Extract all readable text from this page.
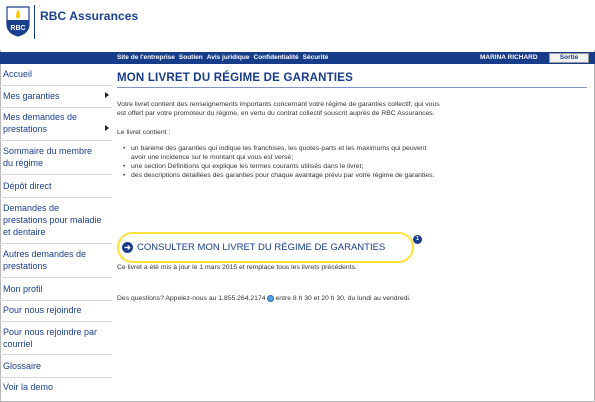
RBC
RBC Assurances
Site de l'entreprise Soutien Avis juridique Confidentialité Sécurité	MARINA RICHARD	Sortie
Accueil
Mes garanties
Mes demandes de prestations
Sommaire du membre du régime
Dépôt direct
Demandes de prestations pour maladie et dentaire
Autres demandes de prestations
Mon profil
Pour nous rejoindre
Pour nous rejoindre par courriel
Glossaire
Voir la demo
MON LIVRET DU RÉGIME DE GARANTIES

Votre livret contient des renseignements importants concernant votre régime de garanties collectif, qui vous est offert par votre promoteur du régime, en vertu du contrat collectif souscrit auprès de RBC Assurances.

Le livret contient :

• un barème des garanties qui indique les franchises, les quotes-parts et les maximums qui peuvent avoir une incidence sur le montant qui vous est versé;
• une section Définitions qui explique les termes courants utilisés dans le livret;
• des descriptions détaillées des garanties pour chaque avantage prévu par votre régime de garanties.
➜ CONSULTER MON LIVRET DU RÉGIME DE GARANTIES
1

Ce livret a été mis à jour le 1 mars 2015 et remplace tous les livrets précédents.

Des questions? Appelez-nous au 1.855.264.2174 entre 8 h 30 et 20 h 30, du lundi au vendredi.
